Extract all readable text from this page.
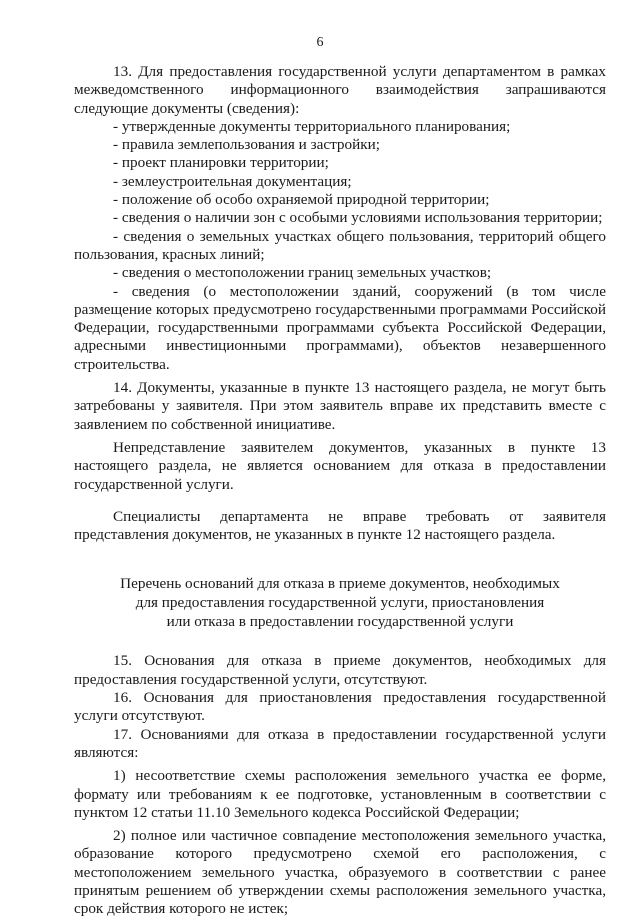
6

13. Для предоставления государственной услуги департаментом в рамках межведомственного информационного взаимодействия запрашиваются следующие документы (сведения):

- утвержденные документы территориального планирования;

- правила землепользования и застройки;

- проект планировки территории;

- землеустроительная документация;

- положение об особо охраняемой природной территории;

- сведения о наличии зон с особыми условиями использования территории;

- сведения о земельных участках общего пользования, территорий общего пользования, красных линий;

- сведения о местоположении границ земельных участков;

- сведения (о местоположении зданий, сооружений (в том числе размещение которых предусмотрено государственными программами Российской Федерации, государственными программами субъекта Российской Федерации, адресными инвестиционными программами), объектов незавершенного строительства.

14. Документы, указанные в пункте 13 настоящего раздела, не могут быть затребованы у заявителя. При этом заявитель вправе их представить вместе с заявлением по собственной инициативе.

Непредставление заявителем документов, указанных в пункте 13 настоящего раздела, не является основанием для отказа в предоставлении государственной услуги.

Специалисты департамента не вправе требовать от заявителя представления документов, не указанных в пункте 12 настоящего раздела.

Перечень оснований для отказа в приеме документов, необходимых
для предоставления государственной услуги, приостановления
или отказа в предоставлении государственной услуги

15. Основания для отказа в приеме документов, необходимых для предоставления государственной услуги, отсутствуют.

16. Основания для приостановления предоставления государственной услуги отсутствуют.

17. Основаниями для отказа в предоставлении государственной услуги являются:

1) несоответствие схемы расположения земельного участка ее форме, формату или требованиям к ее подготовке, установленным в соответствии с пунктом 12 статьи 11.10 Земельного кодекса Российской Федерации;

2) полное или частичное совпадение местоположения земельного участка, образование которого предусмотрено схемой его расположения, с местоположением земельного участка, образуемого в соответствии с ранее принятым решением об утверждении схемы расположения земельного участка, срок действия которого не истек;
